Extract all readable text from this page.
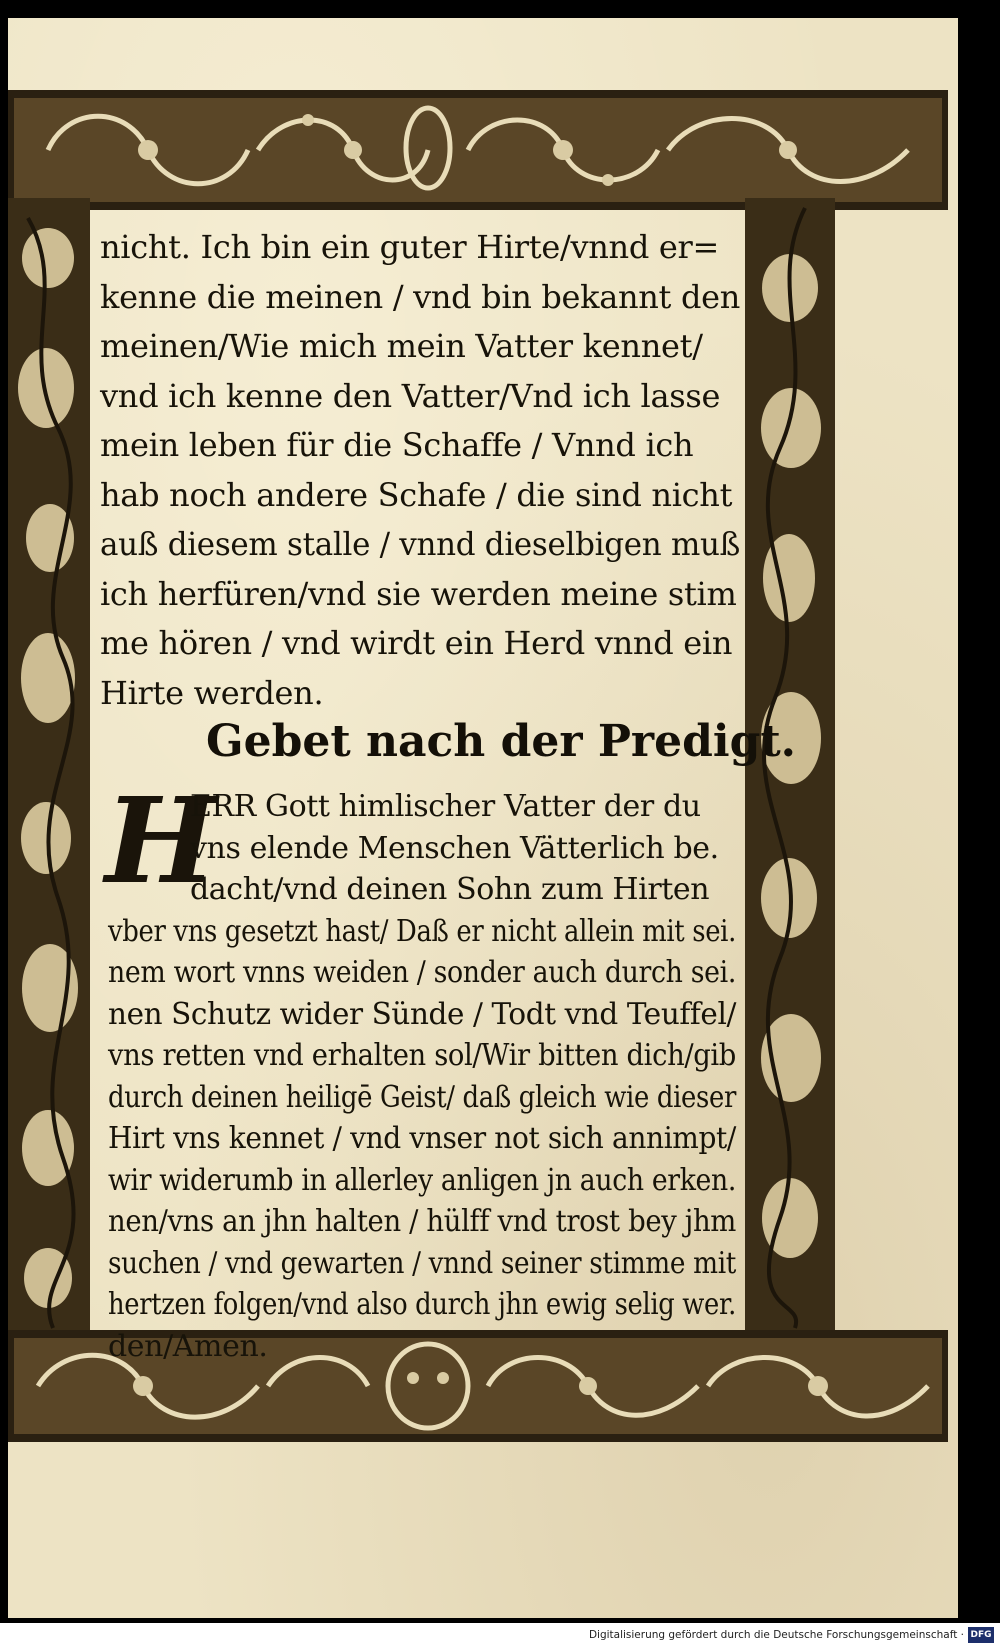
nicht. Ich bin ein guter Hirte/vnnd er=
kenne die meinen / vnd bin bekannt den
meinen/Wie mich mein Vatter kennet/
vnd ich kenne den Vatter/Vnd ich lasse
mein leben für die Schaffe / Vnnd ich
hab noch andere Schafe / die sind nicht
auß diesem stalle / vnnd dieselbigen muß
ich herfüren/vnd sie werden meine stim
me hören / vnd wirdt ein Herd vnnd ein
Hirte werden.
Gebet nach der Predigt.
H
ERR Gott himlischer Vatter der du
vns elende Menschen Vätterlich be.
dacht/vnd deinen Sohn zum Hirten
vber vns gesetzt hast/ Daß er nicht allein mit sei.
nem wort vnns weiden / sonder auch durch sei.
nen Schutz wider Sünde / Todt vnd Teuffel/
vns retten vnd erhalten sol/Wir bitten dich/gib
durch deinen heiligē Geist/ daß gleich wie dieser
Hirt vns kennet / vnd vnser not sich annimpt/
wir widerumb in allerley anligen jn auch erken.
nen/vns an jhn halten / hülff vnd trost bey jhm
suchen / vnd gewarten / vnnd seiner stimme mit
hertzen folgen/vnd also durch jhn ewig selig wer.
den/Amen.
Digitalisierung gefördert durch die Deutsche Forschungsgemeinschaft · DFG
